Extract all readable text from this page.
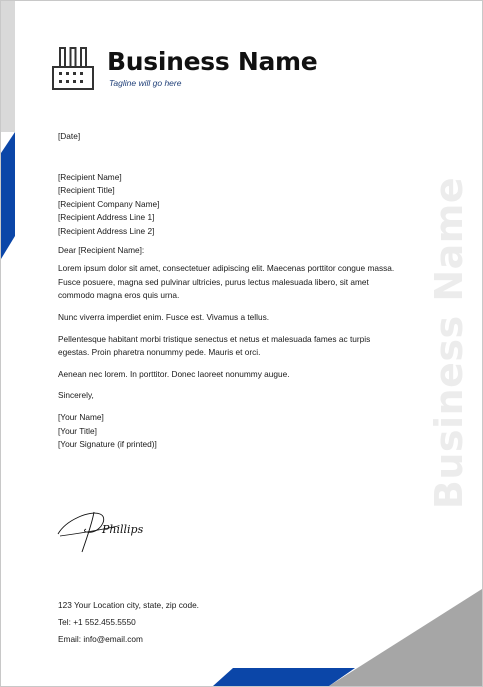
Business Name
Tagline will go here
Business Name

[Date]

[Recipient Name]

[Recipient Title]

[Recipient Company Name]

[Recipient Address Line 1]

[Recipient Address Line 2]

Dear [Recipient Name]:

Lorem ipsum dolor sit amet, consectetuer adipiscing elit. Maecenas porttitor congue massa. Fusce posuere, magna sed pulvinar ultricies, purus lectus malesuada libero, sit amet commodo magna eros quis urna.

Nunc viverra imperdiet enim. Fusce est. Vivamus a tellus.

Pellentesque habitant morbi tristique senectus et netus et malesuada fames ac turpis egestas. Proin pharetra nonummy pede. Mauris et orci.

Aenean nec lorem. In porttitor. Donec laoreet nonummy augue.

Sincerely,

[Your Name]

[Your Title]

[Your Signature (if printed)]

Phillips

123 Your Location city, state, zip code.

Tel: +1 552.455.5550

Email: info@email.com
